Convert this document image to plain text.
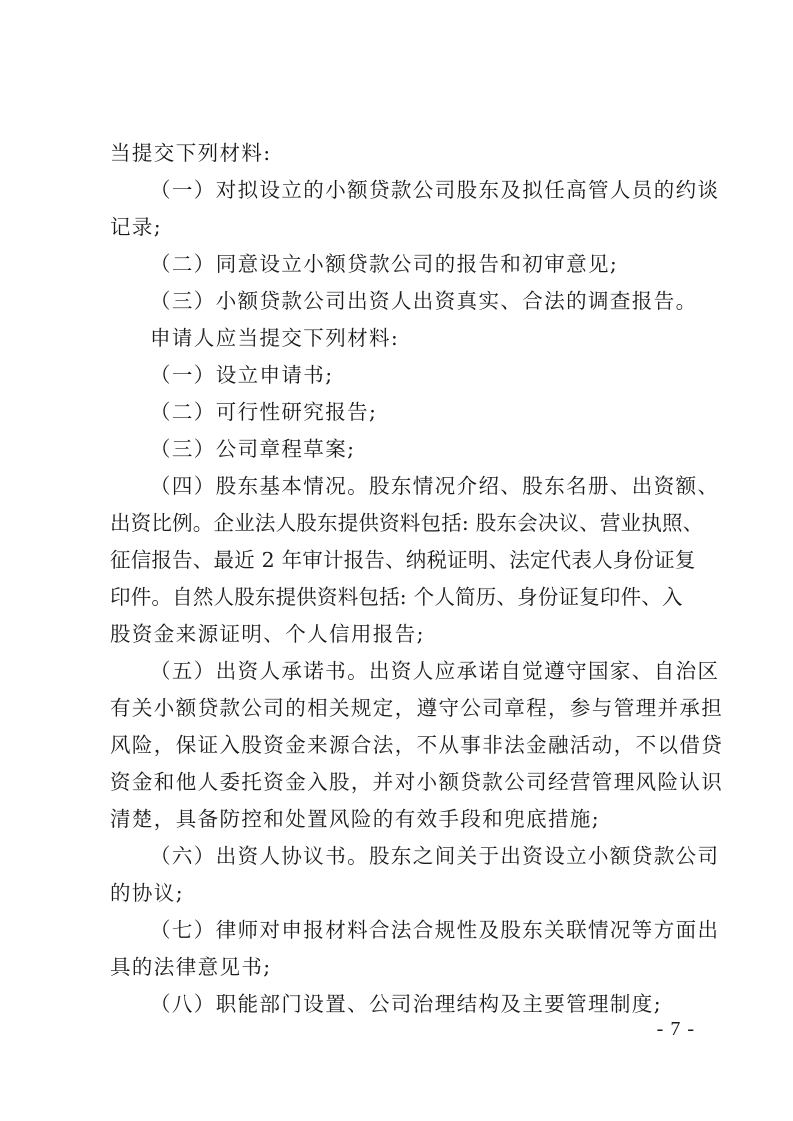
当提交下列材料:
（一）对拟设立的小额贷款公司股东及拟任高管人员的约谈
记录;
（二）同意设立小额贷款公司的报告和初审意见;
（三）小额贷款公司出资人出资真实、合法的调查报告。
申请人应当提交下列材料:
（一）设立申请书;
（二）可行性研究报告;
（三）公司章程草案;
（四）股东基本情况。股东情况介绍、股东名册、出资额、
出资比例。企业法人股东提供资料包括: 股东会决议、营业执照、
征信报告、最近 2 年审计报告、纳税证明、法定代表人身份证复
印件。自然人股东提供资料包括: 个人简历、身份证复印件、入
股资金来源证明、个人信用报告;
（五）出资人承诺书。出资人应承诺自觉遵守国家、自治区
有关小额贷款公司的相关规定，遵守公司章程，参与管理并承担
风险，保证入股资金来源合法，不从事非法金融活动，不以借贷
资金和他人委托资金入股，并对小额贷款公司经营管理风险认识
清楚，具备防控和处置风险的有效手段和兜底措施;
（六）出资人协议书。股东之间关于出资设立小额贷款公司
的协议;
（七）律师对申报材料合法合规性及股东关联情况等方面出
具的法律意见书;
（八）职能部门设置、公司治理结构及主要管理制度;
- 7 -
